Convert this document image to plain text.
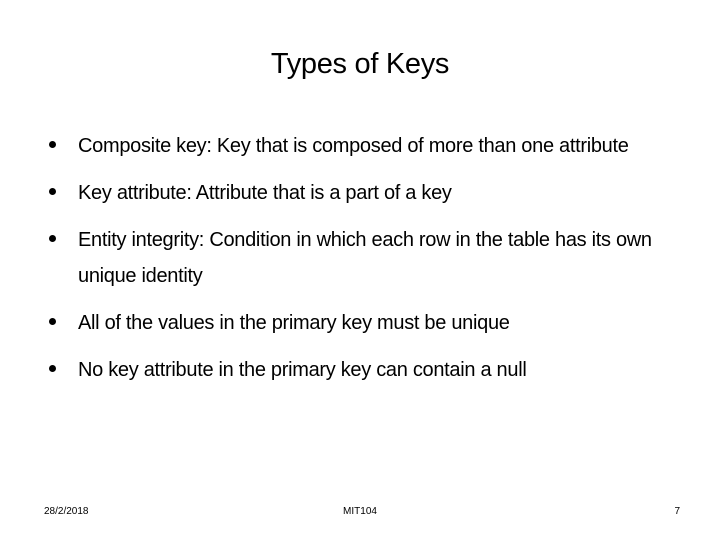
Types of Keys
Composite key: Key that is composed of more than one attribute
Key attribute: Attribute that is a part of a key
Entity integrity: Condition in which each row in the table has its own unique identity
All of the values in the primary key must be unique
No key attribute in the primary key can contain a null
28/2/2018	MIT104	7
